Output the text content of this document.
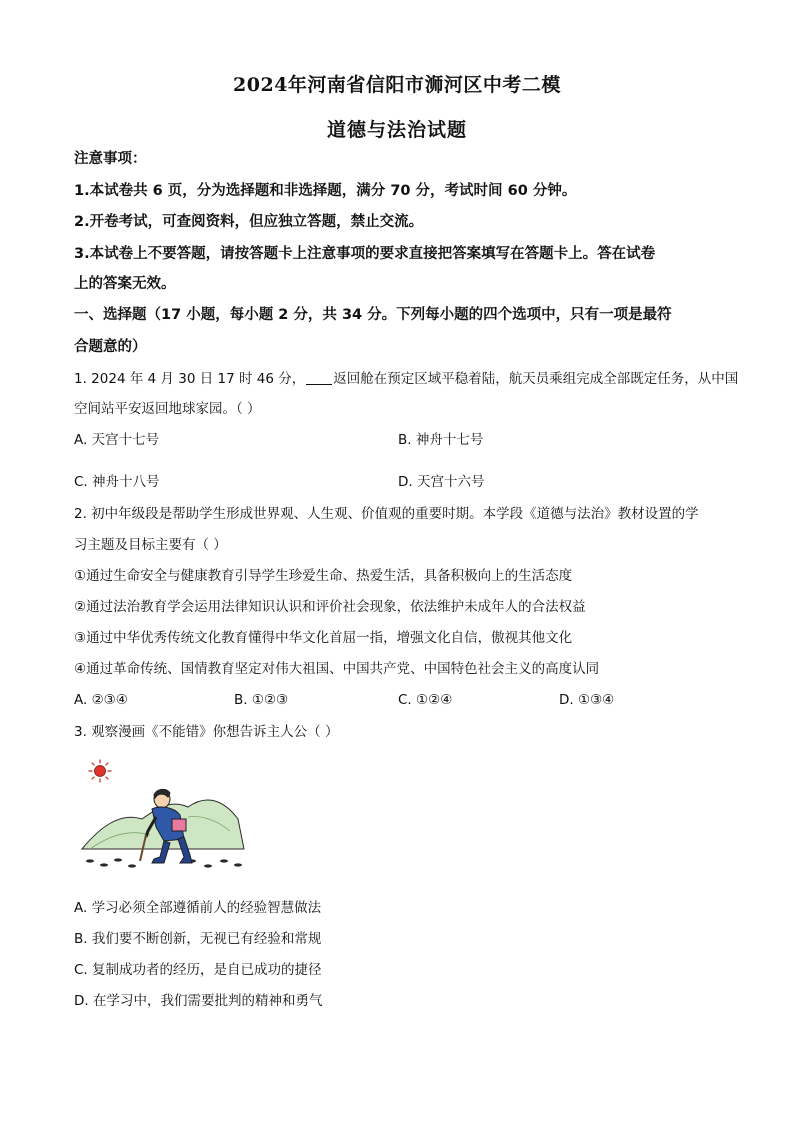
2024年河南省信阳市浉河区中考二模
道德与法治试题
注意事项：
1.本试卷共 6 页，分为选择题和非选择题，满分 70 分，考试时间 60 分钟。
2.开卷考试，可查阅资料，但应独立答题，禁止交流。
3.本试卷上不要答题，请按答题卡上注意事项的要求直接把答案填写在答题卡上。答在试卷
上的答案无效。
一、选择题（17 小题，每小题 2 分，共 34 分。下列每小题的四个选项中，只有一项是最符
合题意的）
1. 2024 年 4 月 30 日 17 时 46 分， 返回舱在预定区域平稳着陆，航天员乘组完成全部既定任务，从中国
空间站平安返回地球家园。（ ）
A. 天宫十七号	B. 神舟十七号
C. 神舟十八号	D. 天宫十六号
2. 初中年级段是帮助学生形成世界观、人生观、价值观的重要时期。本学段《道德与法治》教材设置的学
习主题及目标主要有（ ）
①通过生命安全与健康教育引导学生珍爱生命、热爱生活，具备积极向上的生活态度
②通过法治教育学会运用法律知识认识和评价社会现象，依法维护未成年人的合法权益
③通过中华优秀传统文化教育懂得中华文化首屈一指，增强文化自信，傲视其他文化
④通过革命传统、国情教育坚定对伟大祖国、中国共产党、中国特色社会主义的高度认同
A. ②③④	B. ①②③	C. ①②④	D. ①③④
3. 观察漫画《不能错》你想告诉主人公（ ）
A. 学习必须全部遵循前人的经验智慧做法
B. 我们要不断创新，无视已有经验和常规
C. 复制成功者的经历，是自已成功的捷径
D. 在学习中，我们需要批判的精神和勇气
